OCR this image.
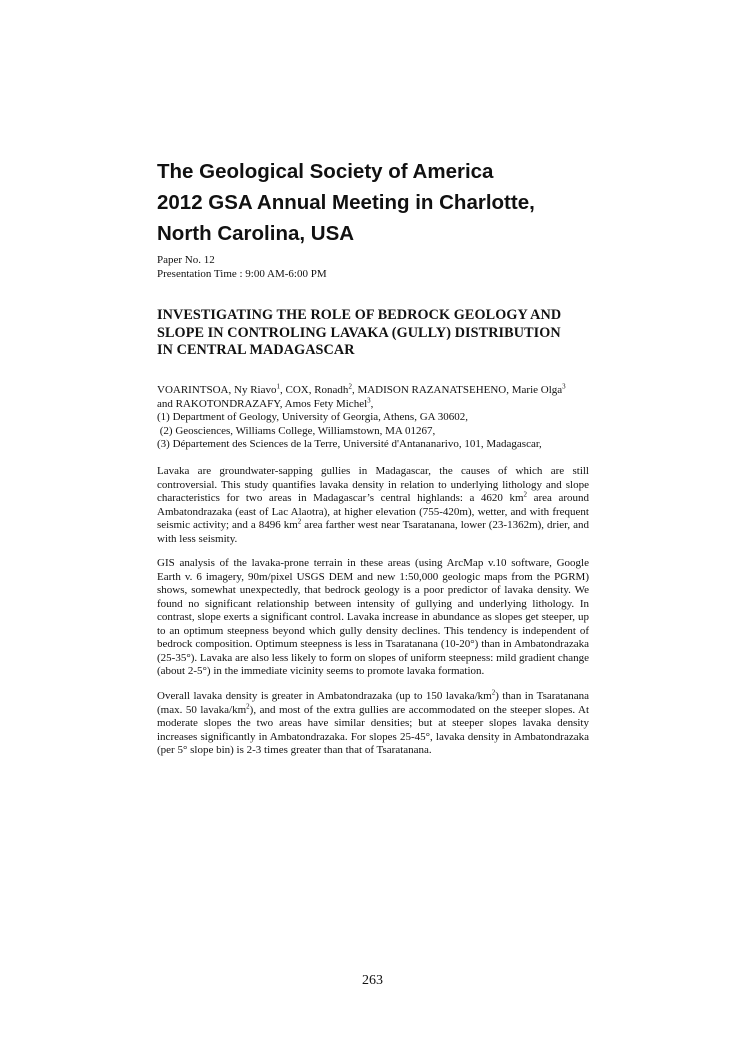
The Geological Society of America
2012 GSA Annual Meeting in Charlotte,
North Carolina, USA
Paper No. 12
Presentation Time : 9:00 AM-6:00 PM
INVESTIGATING THE ROLE OF BEDROCK GEOLOGY AND
SLOPE IN CONTROLING LAVAKA (GULLY) DISTRIBUTION
IN CENTRAL MADAGASCAR
VOARINTSOA, Ny Riavo$^1$, COX, Ronadh$^2$, MADISON RAZANATSEHENO, Marie Olga$^3$
and RAKOTONDRAZAFY, Amos Fety Michel$^3$,
(1) Department of Geology, University of Georgia, Athens, GA 30602,
(2) Geosciences, Williams College, Williamstown, MA 01267,
(3) Département des Sciences de la Terre, Université d'Antananarivo, 101, Madagascar,
Lavaka are groundwater-sapping gullies in Madagascar, the causes of which are still controversial. This study quantifies lavaka density in relation to underlying lithology and slope characteristics for two areas in Madagascar’s central highlands: a 4620 $km^2$ area around Ambatondrazaka (east of Lac Alaotra), at higher elevation (755-420m), wetter, and with frequent seismic activity; and a 8496 $km^2$ area farther west near Tsaratanana, lower (23-1362m), drier, and with less seismity.
GIS analysis of the lavaka-prone terrain in these areas (using ArcMap v.10 software, Google Earth v. 6 imagery, 90m/pixel USGS DEM and new 1:50,000 geologic maps from the PGRM) shows, somewhat unexpectedly, that bedrock geology is a poor predictor of lavaka density. We found no significant relationship between intensity of gullying and underlying lithology. In contrast, slope exerts a significant control. Lavaka increase in abundance as slopes get steeper, up to an optimum steepness beyond which gully density declines. This tendency is independent of bedrock composition. Optimum steepness is less in Tsaratanana (10-20°) than in Ambatondrazaka (25-35°). Lavaka are also less likely to form on slopes of uniform steepness: mild gradient change (about 2-5°) in the immediate vicinity seems to promote lavaka formation.
Overall lavaka density is greater in Ambatondrazaka (up to 150 lavaka/$km^2$) than in Tsaratanana (max. 50 lavaka/$km^2$), and most of the extra gullies are accommodated on the steeper slopes. At moderate slopes the two areas have similar densities; but at steeper slopes lavaka density increases significantly in Ambatondrazaka. For slopes 25-45°, lavaka density in Ambatondrazaka (per 5° slope bin) is 2-3 times greater than that of Tsaratanana.
263
